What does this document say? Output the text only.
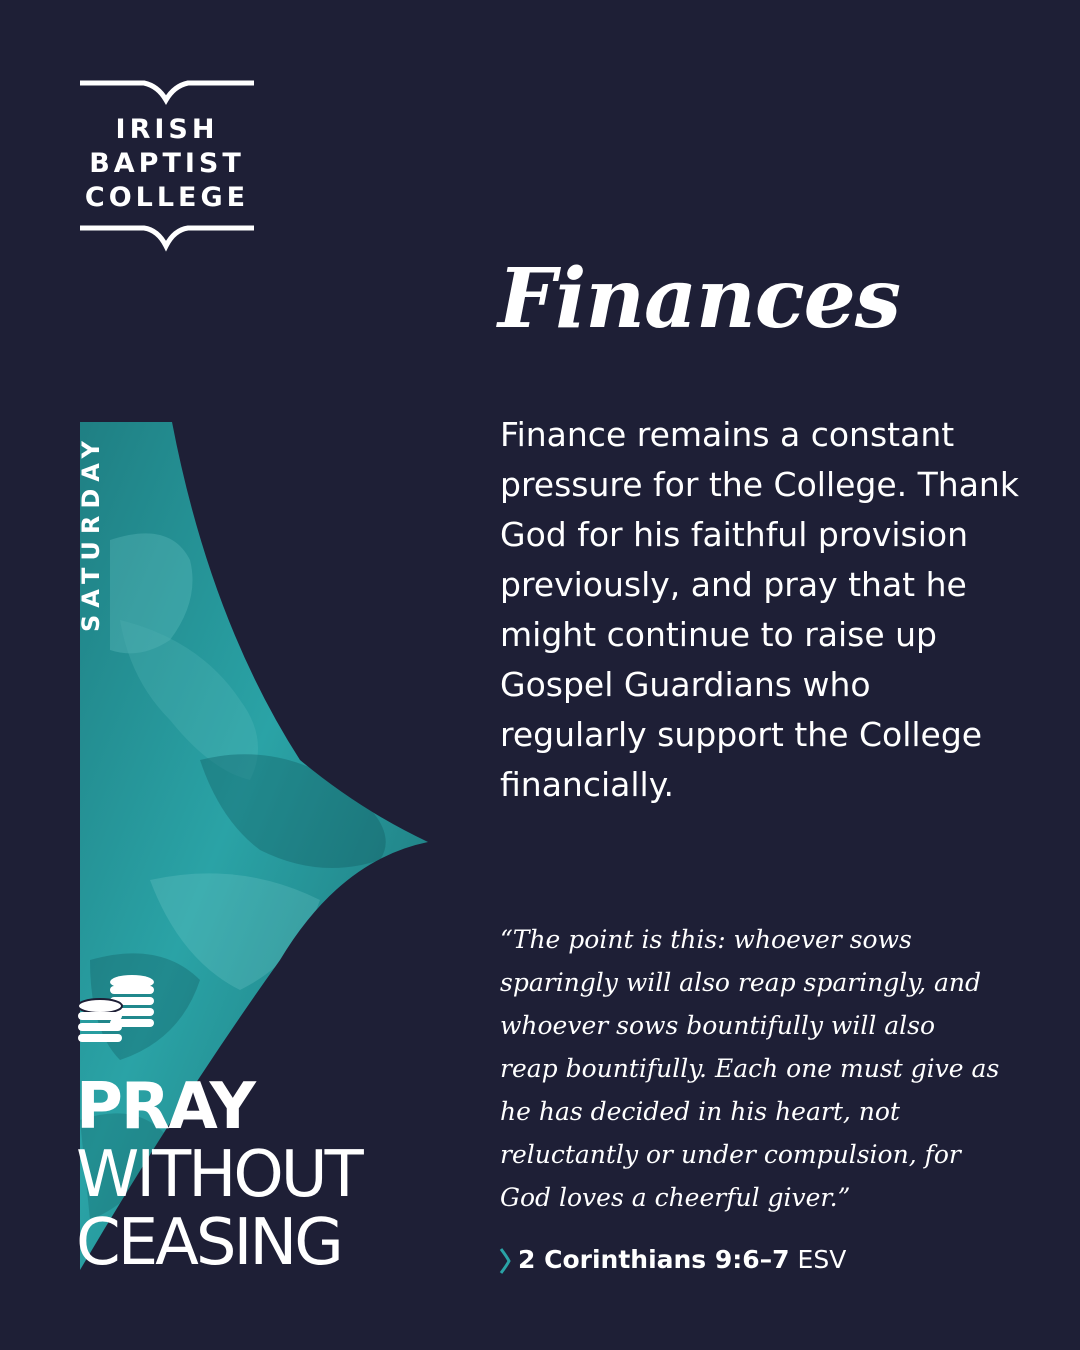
IRISH
BAPTIST
COLLEGE
SATURDAY
PRAY
WITHOUT
CEASING
Finances
Finance remains a constant pressure for the College. Thank God for his faithful provision previously, and pray that he might continue to raise up Gospel Guardians who regularly support the College financially.
“The point is this: whoever sows sparingly will also reap sparingly, and whoever sows bountifully will also reap bountifully. Each one must give as he has decided in his heart, not reluctantly or under compulsion, for God loves a cheerful giver.”
2 Corinthians 9:6–7 ESV
